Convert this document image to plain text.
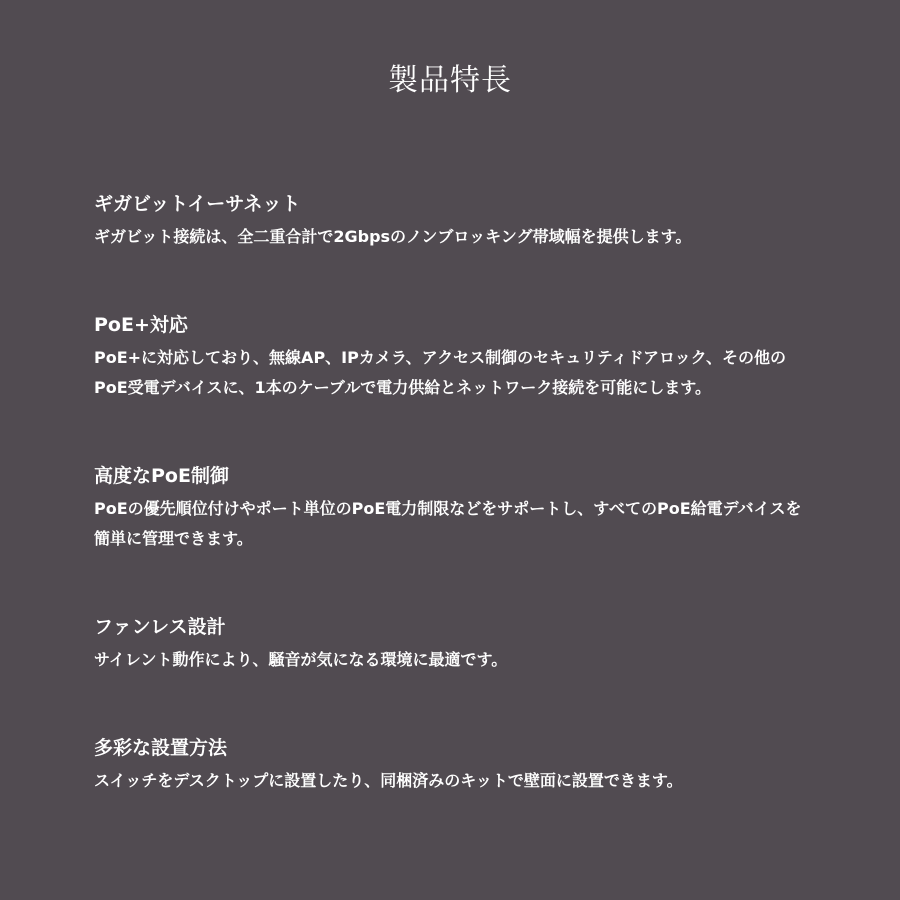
製品特長
ギガビットイーサネット

ギガビット接続は、全二重合計で2Gbpsのノンブロッキング帯域幅を提供します。

PoE+対応

PoE+に対応しており、無線AP、IPカメラ、アクセス制御のセキュリティドアロック、その他のPoE受電デバイスに、1本のケーブルで電力供給とネットワーク接続を可能にします。

高度なPoE制御

PoEの優先順位付けやポート単位のPoE電力制限などをサポートし、すべてのPoE給電デバイスを簡単に管理できます。

ファンレス設計

サイレント動作により、騒音が気になる環境に最適です。

多彩な設置方法

スイッチをデスクトップに設置したり、同梱済みのキットで壁面に設置できます。
